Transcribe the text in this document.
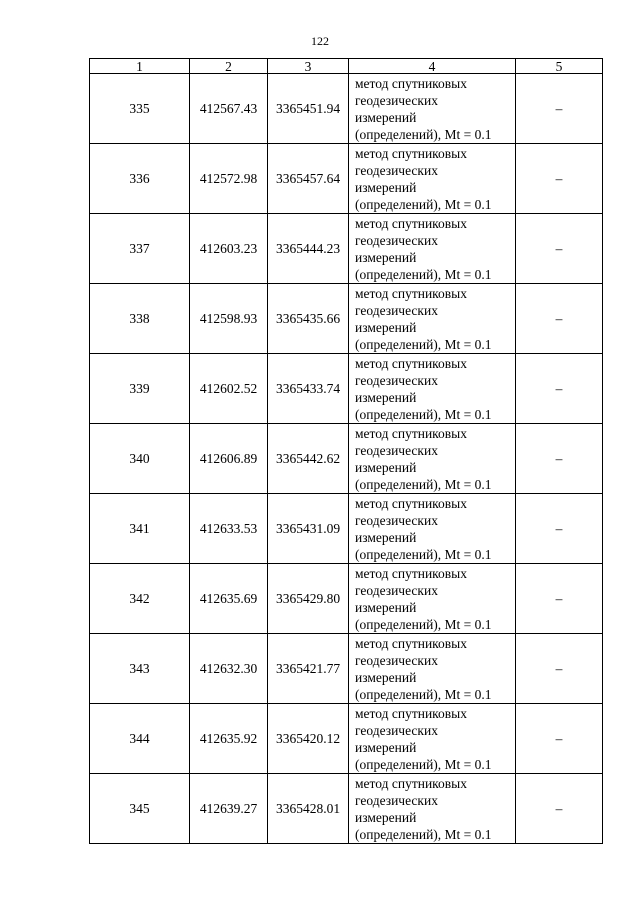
122
1	2	3	4	5
335	412567.43	3365451.94	метод спутниковых
геодезических
измерений
(определений), Mt = 0.1	–
336	412572.98	3365457.64	метод спутниковых
геодезических
измерений
(определений), Mt = 0.1	–
337	412603.23	3365444.23	метод спутниковых
геодезических
измерений
(определений), Mt = 0.1	–
338	412598.93	3365435.66	метод спутниковых
геодезических
измерений
(определений), Mt = 0.1	–
339	412602.52	3365433.74	метод спутниковых
геодезических
измерений
(определений), Mt = 0.1	–
340	412606.89	3365442.62	метод спутниковых
геодезических
измерений
(определений), Mt = 0.1	–
341	412633.53	3365431.09	метод спутниковых
геодезических
измерений
(определений), Mt = 0.1	–
342	412635.69	3365429.80	метод спутниковых
геодезических
измерений
(определений), Mt = 0.1	–
343	412632.30	3365421.77	метод спутниковых
геодезических
измерений
(определений), Mt = 0.1	–
344	412635.92	3365420.12	метод спутниковых
геодезических
измерений
(определений), Mt = 0.1	–
345	412639.27	3365428.01	метод спутниковых
геодезических
измерений
(определений), Mt = 0.1	–
